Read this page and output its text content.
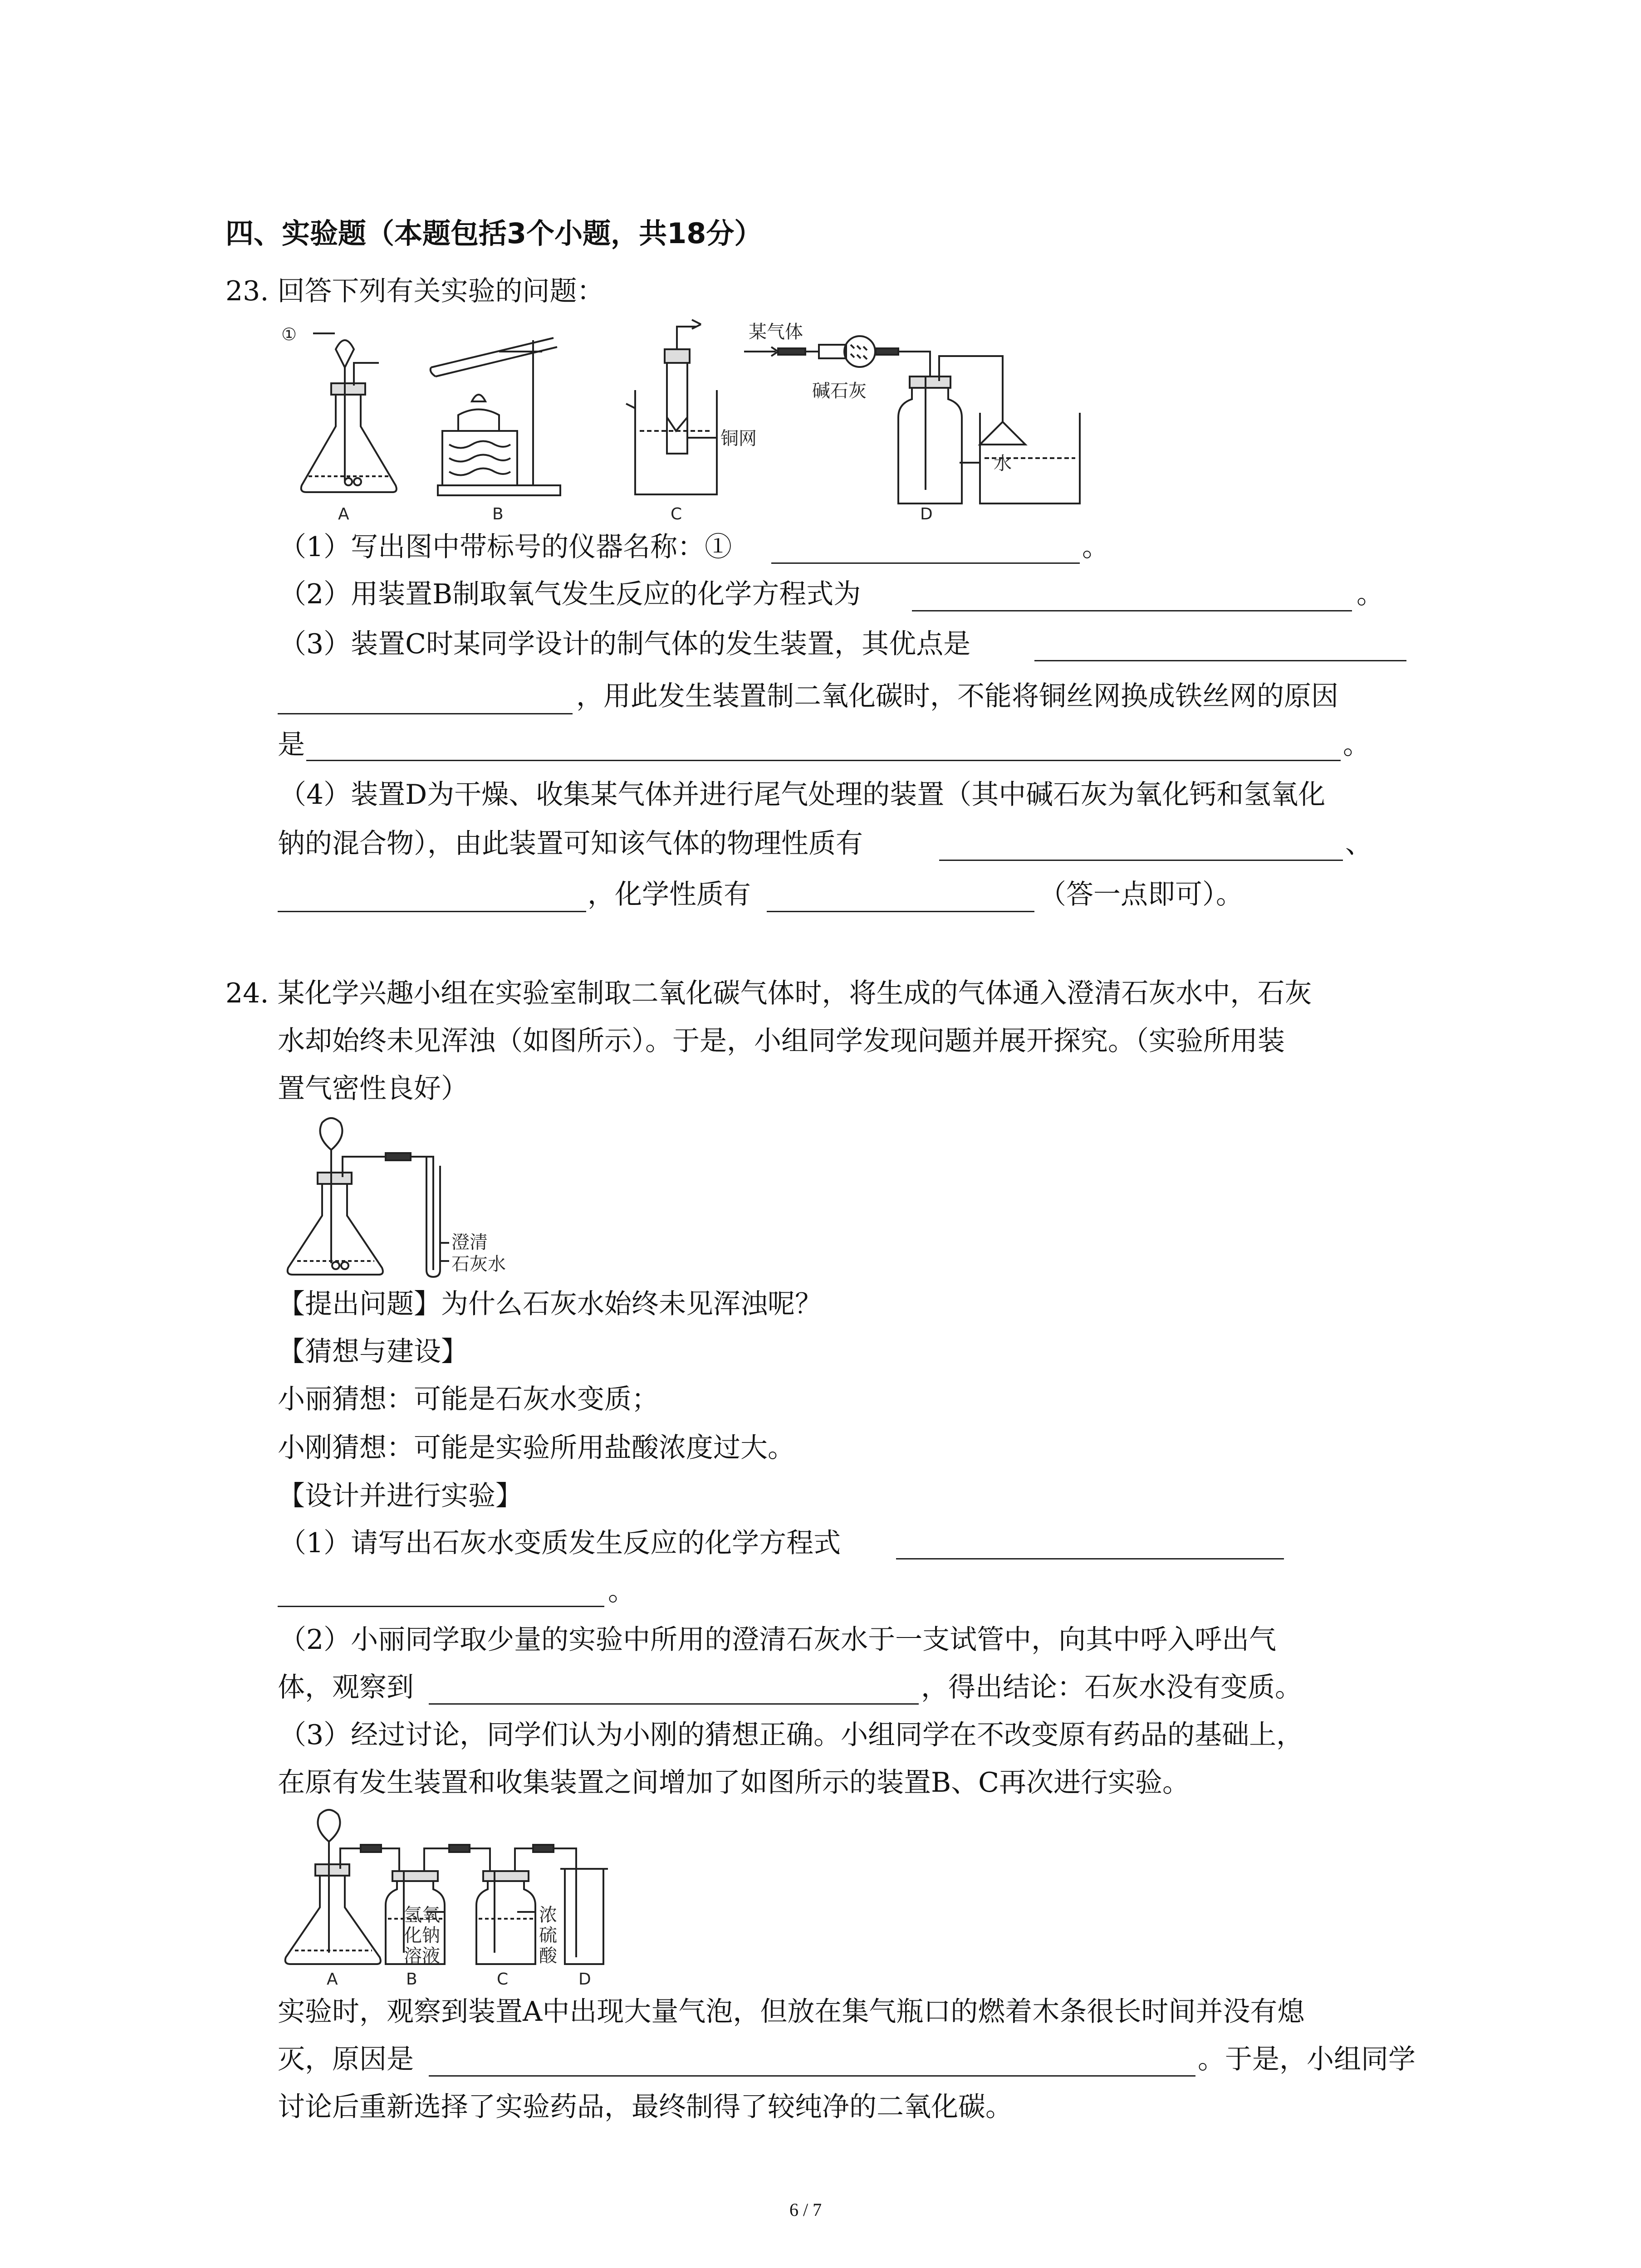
四、实验题（本题包括3个小题，共18分）
23. 回答下列有关实验的问题：
①
A	B	C	D
铜网
某气体
碱石灰
水
（1）写出图中带标号的仪器名称：①	。
（2）用装置B制取氧气发生反应的化学方程式为	。
（3）装置C时某同学设计的制气体的发生装置，其优点是
，用此发生装置制二氧化碳时，不能将铜丝网换成铁丝网的原因
是	。
（4）装置D为干燥、收集某气体并进行尾气处理的装置（其中碱石灰为氧化钙和氢氧化
钠的混合物），由此装置可知该气体的物理性质有	、
，化学性质有	（答一点即可）。
24. 某化学兴趣小组在实验室制取二氧化碳气体时，将生成的气体通入澄清石灰水中，石灰
水却始终未见浑浊（如图所示）。于是，小组同学发现问题并展开探究。（实验所用装
置气密性良好）
澄清
石灰水
【提出问题】为什么石灰水始终未见浑浊呢？
【猜想与建设】
小丽猜想：可能是石灰水变质；
小刚猜想：可能是实验所用盐酸浓度过大。
【设计并进行实验】
（1）请写出石灰水变质发生反应的化学方程式
。
（2）小丽同学取少量的实验中所用的澄清石灰水于一支试管中，向其中呼入呼出气
体，观察到	，得出结论：石灰水没有变质。
（3）经过讨论，同学们认为小刚的猜想正确。小组同学在不改变原有药品的基础上，
在原有发生装置和收集装置之间增加了如图所示的装置B、C再次进行实验。
氢氧
化钠
溶液
浓
硫
酸
A	B	C	D
实验时，观察到装置A中出现大量气泡，但放在集气瓶口的燃着木条很长时间并没有熄
灭，原因是	。于是，小组同学
讨论后重新选择了实验药品，最终制得了较纯净的二氧化碳。
6 / 7
